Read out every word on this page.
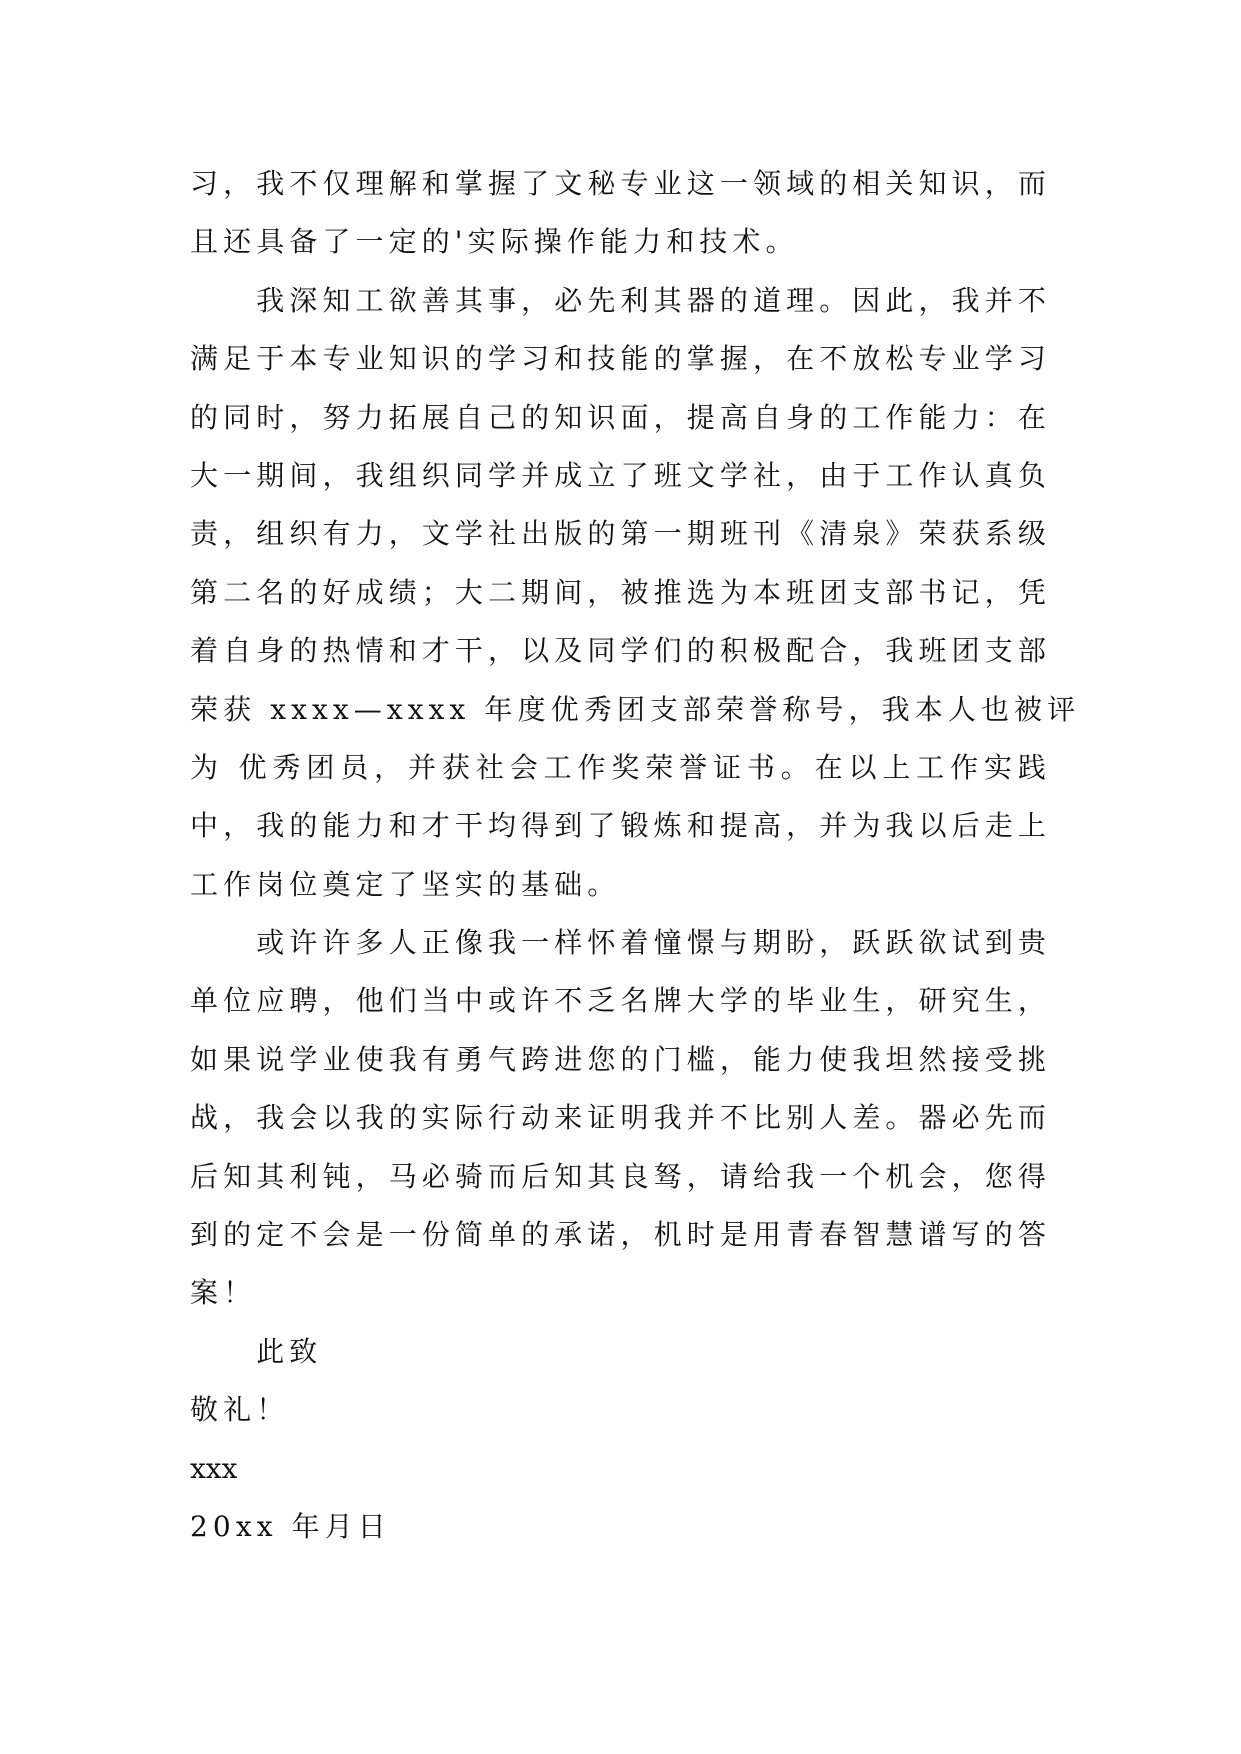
习，我不仅理解和掌握了文秘专业这一领域的相关知识，而
且还具备了一定的'实际操作能力和技术。
我深知工欲善其事，必先利其器的道理。因此，我并不
满足于本专业知识的学习和技能的掌握，在不放松专业学习
的同时，努力拓展自己的知识面，提高自身的工作能力：在
大一期间，我组织同学并成立了班文学社，由于工作认真负
责，组织有力，文学社出版的第一期班刊《清泉》荣获系级
第二名的好成绩；大二期间，被推选为本班团支部书记，凭
着自身的热情和才干，以及同学们的积极配合，我班团支部
荣获 xxxx—xxxx 年度优秀团支部荣誉称号，我本人也被评
为 优秀团员，并获社会工作奖荣誉证书。在以上工作实践
中，我的能力和才干均得到了锻炼和提高，并为我以后走上
工作岗位奠定了坚实的基础。
或许许多人正像我一样怀着憧憬与期盼，跃跃欲试到贵
单位应聘，他们当中或许不乏名牌大学的毕业生，研究生，
如果说学业使我有勇气跨进您的门槛，能力使我坦然接受挑
战，我会以我的实际行动来证明我并不比别人差。器必先而
后知其利钝，马必骑而后知其良驽，请给我一个机会，您得
到的定不会是一份简单的承诺，机时是用青春智慧谱写的答
案！
此致
敬礼！
xxx
20xx 年月日
